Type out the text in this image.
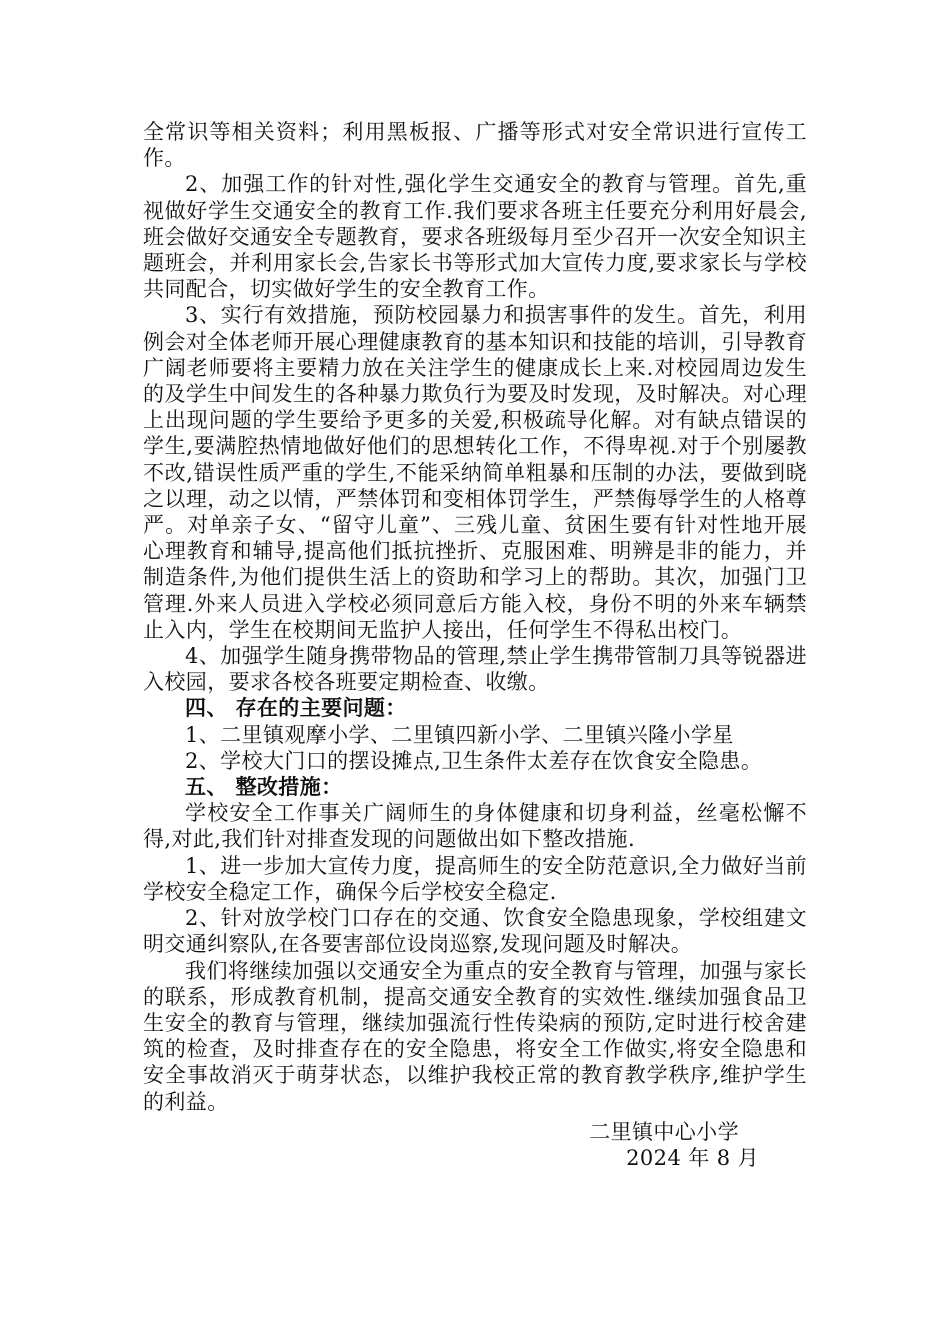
全常识等相关资料；利用黑板报、广播等形式对安全常识进行宣传工作。

2、加强工作的针对性,强化学生交通安全的教育与管理。首先,重视做好学生交通安全的教育工作.我们要求各班主任要充分利用好晨会,班会做好交通安全专题教育，要求各班级每月至少召开一次安全知识主题班会，并利用家长会,告家长书等形式加大宣传力度,要求家长与学校共同配合，切实做好学生的安全教育工作。

3、实行有效措施，预防校园暴力和损害事件的发生。首先，利用例会对全体老师开展心理健康教育的基本知识和技能的培训，引导教育广阔老师要将主要精力放在关注学生的健康成长上来.对校园周边发生的及学生中间发生的各种暴力欺负行为要及时发现，及时解决。对心理上出现问题的学生要给予更多的关爱,积极疏导化解。对有缺点错误的学生,要满腔热情地做好他们的思想转化工作，不得卑视.对于个别屡教不改,错误性质严重的学生,不能采纳简单粗暴和压制的办法，要做到晓之以理，动之以情，严禁体罚和变相体罚学生，严禁侮辱学生的人格尊严。对单亲子女、“留守儿童”、三残儿童、贫困生要有针对性地开展心理教育和辅导,提高他们抵抗挫折、克服困难、明辨是非的能力，并制造条件,为他们提供生活上的资助和学习上的帮助。其次，加强门卫管理.外来人员进入学校必须同意后方能入校，身份不明的外来车辆禁止入内，学生在校期间无监护人接出，任何学生不得私出校门。

4、加强学生随身携带物品的管理,禁止学生携带管制刀具等锐器进入校园，要求各校各班要定期检查、收缴。

四、 存在的主要问题：

1、二里镇观摩小学、二里镇四新小学、二里镇兴隆小学星

2、学校大门口的摆设摊点,卫生条件太差存在饮食安全隐患。

五、 整改措施：

学校安全工作事关广阔师生的身体健康和切身利益，丝毫松懈不得,对此,我们针对排查发现的问题做出如下整改措施.

1、进一步加大宣传力度，提高师生的安全防范意识,全力做好当前学校安全稳定工作，确保今后学校安全稳定.

2、针对放学校门口存在的交通、饮食安全隐患现象，学校组建文明交通纠察队,在各要害部位设岗巡察,发现问题及时解决。

我们将继续加强以交通安全为重点的安全教育与管理，加强与家长的联系，形成教育机制，提高交通安全教育的实效性.继续加强食品卫生安全的教育与管理，继续加强流行性传染病的预防,定时进行校舍建筑的检查，及时排查存在的安全隐患，将安全工作做实,将安全隐患和安全事故消灭于萌芽状态，以维护我校正常的教育教学秩序,维护学生的利益。

二里镇中心小学

2024 年 8 月
